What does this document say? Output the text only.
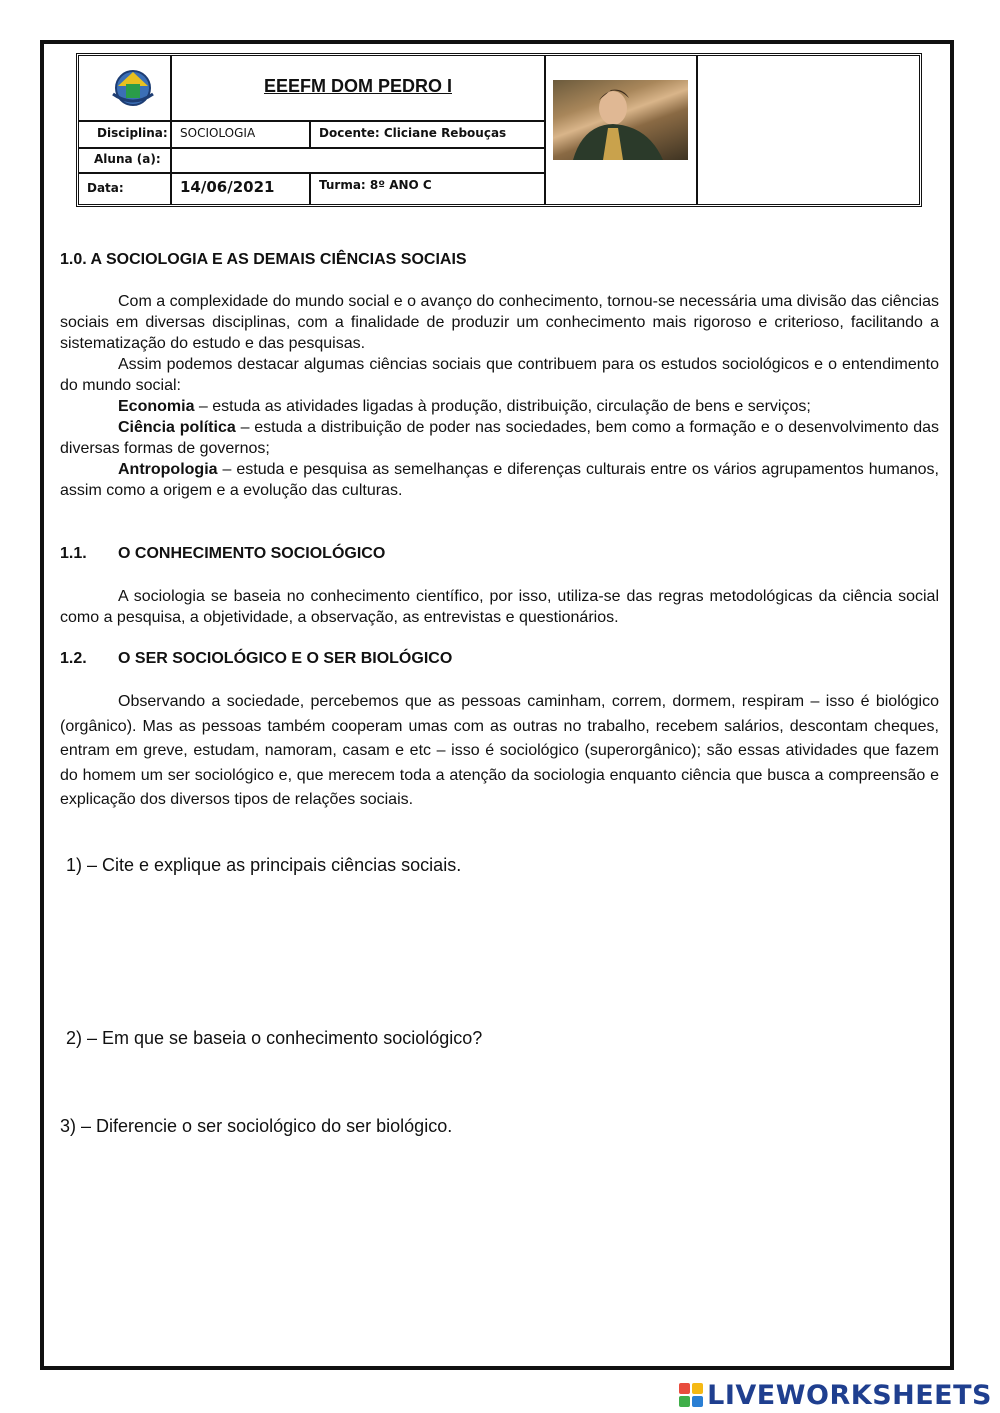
EEEFM DOM PEDRO I
Disciplina: SOCIOLOGIA	Docente: Cliciane Rebouças
Aluna (a):
Data:	14/06/2021	Turma: 8º ANO C
1.0. A SOCIOLOGIA E AS DEMAIS CIÊNCIAS SOCIAIS

Com a complexidade do mundo social e o avanço do conhecimento, tornou-se necessária uma divisão das ciências sociais em diversas disciplinas, com a finalidade de produzir um conhecimento mais rigoroso e criterioso, facilitando a sistematização do estudo e das pesquisas.

Assim podemos destacar algumas ciências sociais que contribuem para os estudos sociológicos e o entendimento do mundo social:

Economia – estuda as atividades ligadas à produção, distribuição, circulação de bens e serviços;

Ciência política – estuda a distribuição de poder nas sociedades, bem como a formação e o desenvolvimento das diversas formas de governos;

Antropologia – estuda e pesquisa as semelhanças e diferenças culturais entre os vários agrupamentos humanos, assim como a origem e a evolução das culturas.

1.1. O CONHECIMENTO SOCIOLÓGICO

A sociologia se baseia no conhecimento científico, por isso, utiliza-se das regras metodológicas da ciência social como a pesquisa, a objetividade, a observação, as entrevistas e questionários.

1.2. O SER SOCIOLÓGICO E O SER BIOLÓGICO

Observando a sociedade, percebemos que as pessoas caminham, correm, dormem, respiram – isso é biológico (orgânico). Mas as pessoas também cooperam umas com as outras no trabalho, recebem salários, descontam cheques, entram em greve, estudam, namoram, casam e etc – isso é sociológico (superorgânico); são essas atividades que fazem do homem um ser sociológico e, que merecem toda a atenção da sociologia enquanto ciência que busca a compreensão e explicação dos diversos tipos de relações sociais.

1) – Cite e explique as principais ciências sociais.
2) – Em que se baseia o conhecimento sociológico?
3) – Diferencie o ser sociológico do ser biológico.
LIVEWORKSHEETS
